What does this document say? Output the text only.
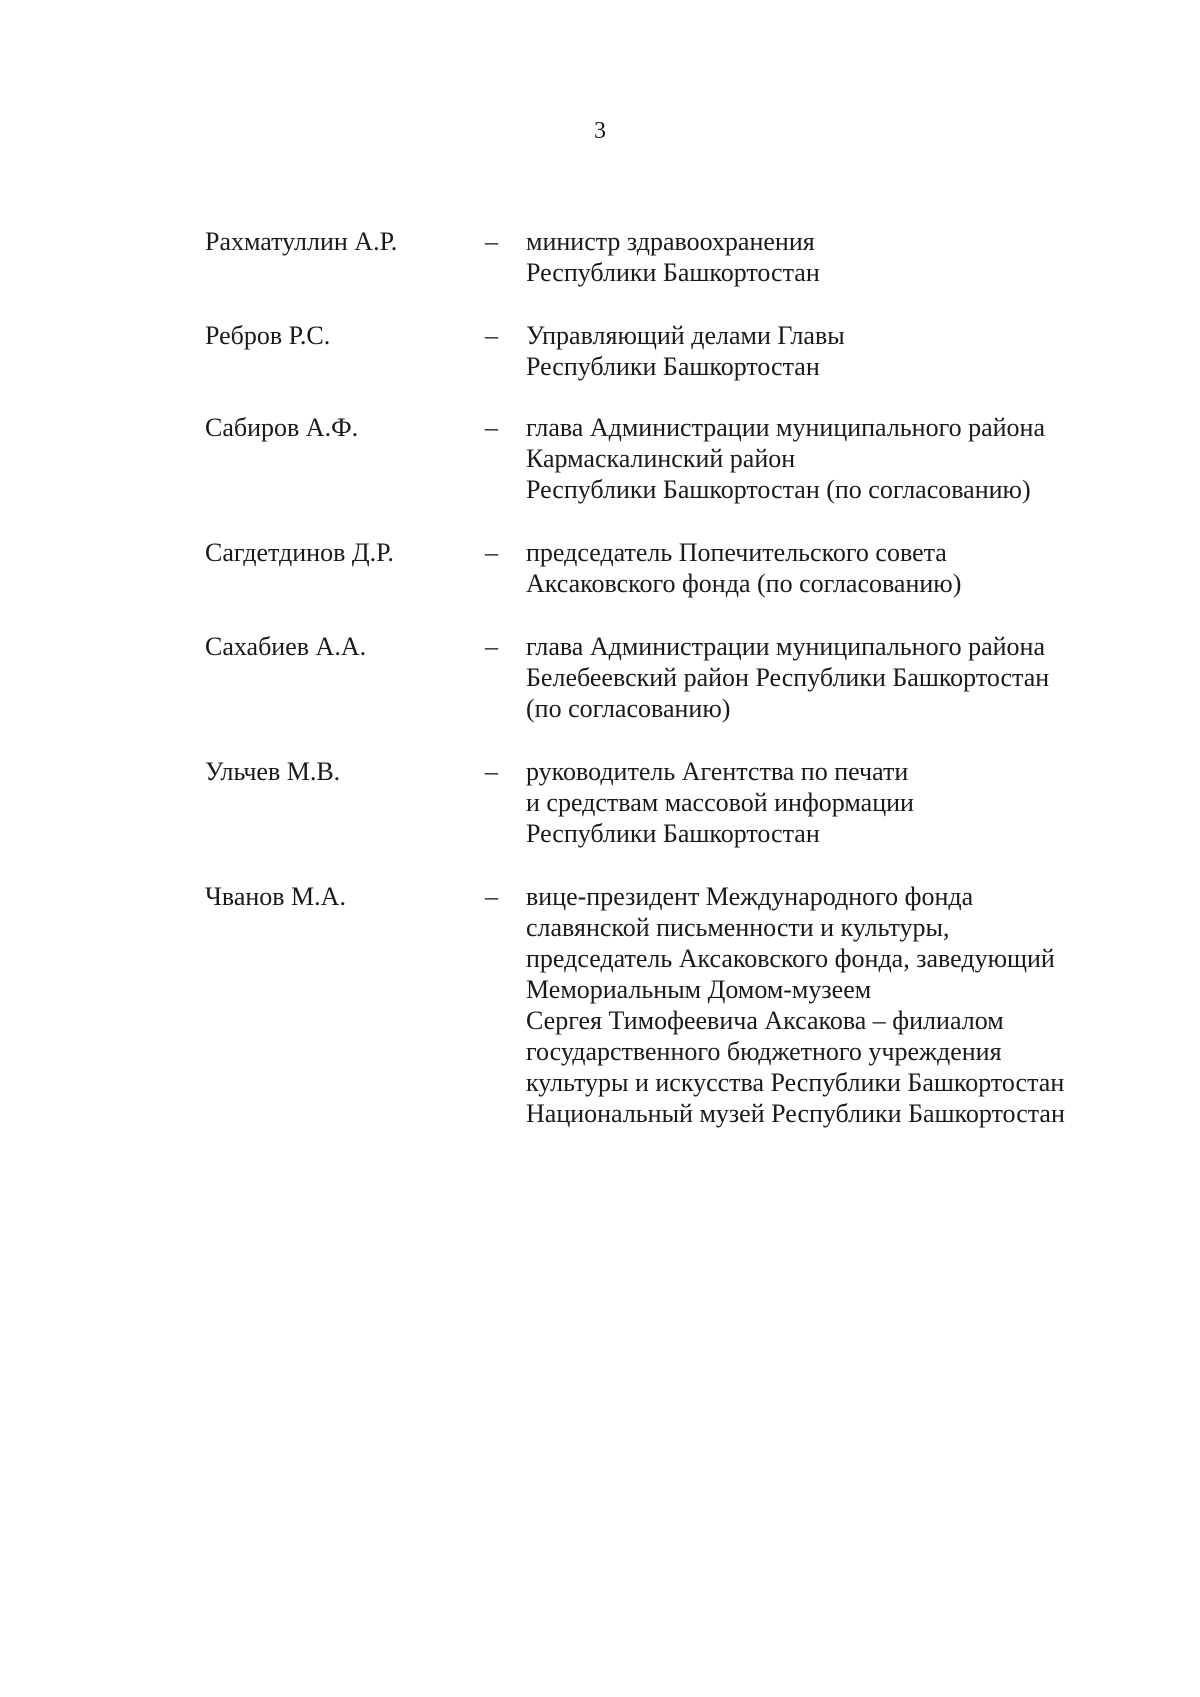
3
Рахматуллин А.Р.	– министр здравоохранения
Республики Башкортостан
Ребров Р.С.	– Управляющий делами Главы
Республики Башкортостан
Сабиров А.Ф.	– глава Администрации муниципального района
Кармаскалинский район
Республики Башкортостан (по согласованию)
Сагдетдинов Д.Р.	– председатель Попечительского совета
Аксаковского фонда (по согласованию)
Сахабиев А.А.	– глава Администрации муниципального района
Белебеевский район Республики Башкортостан
(по согласованию)
Ульчев М.В.	– руководитель Агентства по печати
и средствам массовой информации
Республики Башкортостан
Чванов М.А.	– вице-президент Международного фонда
славянской письменности и культуры,
председатель Аксаковского фонда, заведующий
Мемориальным Домом-музеем
Сергея Тимофеевича Аксакова – филиалом
государственного бюджетного учреждения
культуры и искусства Республики Башкортостан
Национальный музей Республики Башкортостан
